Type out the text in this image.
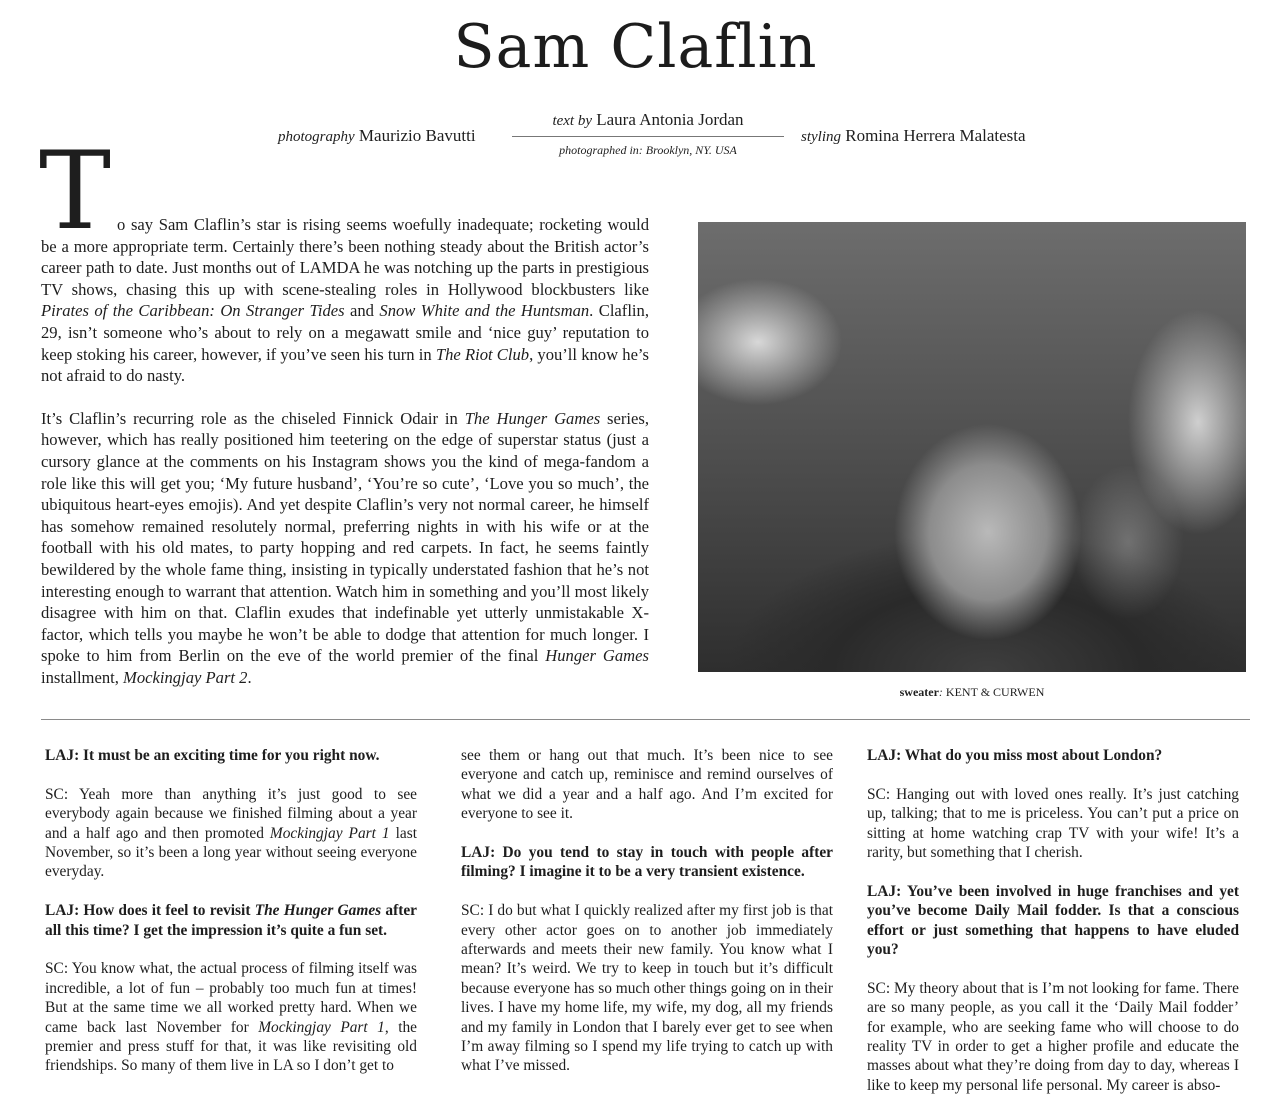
Sam Claflin
photography Maurizio Bavutti
text by Laura Antonia Jordan
photographed in: Brooklyn, NY. USA
styling Romina Herrera Malatesta

To say Sam Claflin’s star is rising seems woefully inadequate; rocketing would be a more appropriate term. Certainly there’s been nothing steady about the British actor’s career path to date. Just months out of LAMDA he was notching up the parts in prestigious TV shows, chasing this up with scene-stealing roles in Hollywood blockbusters like Pirates of the Caribbean: On Stranger Tides and Snow White and the Huntsman. Claflin, 29, isn’t someone who’s about to rely on a megawatt smile and ‘nice guy’ reputation to keep stoking his career, however, if you’ve seen his turn in The Riot Club, you’ll know he’s not afraid to do nasty.

It’s Claflin’s recurring role as the chiseled Finnick Odair in The Hunger Games series, however, which has really positioned him teetering on the edge of superstar status (just a cursory glance at the comments on his Instagram shows you the kind of mega-fandom a role like this will get you; ‘My future husband’, ‘You’re so cute’, ‘Love you so much’, the ubiquitous heart-eyes emojis). And yet despite Claflin’s very not normal career, he himself has somehow remained resolutely normal, preferring nights in with his wife or at the football with his old mates, to party hopping and red carpets. In fact, he seems faintly bewildered by the whole fame thing, insisting in typically understated fashion that he’s not interesting enough to warrant that attention. Watch him in something and you’ll most likely disagree with him on that. Claflin exudes that indefinable yet utterly unmistakable X-factor, which tells you maybe he won’t be able to dodge that attention for much longer. I spoke to him from Berlin on the eve of the world premier of the final Hunger Games installment, Mockingjay Part 2.

sweater: KENT & CURWEN

LAJ: It must be an exciting time for you right now.

SC: Yeah more than anything it’s just good to see everybody again because we finished filming about a year and a half ago and then promoted Mockingjay Part 1 last November, so it’s been a long year without seeing everyone everyday.

LAJ: How does it feel to revisit The Hunger Games after all this time? I get the impression it’s quite a fun set.

SC: You know what, the actual process of filming itself was incredible, a lot of fun – probably too much fun at times! But at the same time we all worked pretty hard. When we came back last November for Mockingjay Part 1, the premier and press stuff for that, it was like revisiting old friendships. So many of them live in LA so I don’t get to

see them or hang out that much. It’s been nice to see everyone and catch up, reminisce and remind ourselves of what we did a year and a half ago. And I’m excited for everyone to see it.

LAJ: Do you tend to stay in touch with people after filming? I imagine it to be a very transient existence.

SC: I do but what I quickly realized after my first job is that every other actor goes on to another job immediately afterwards and meets their new family. You know what I mean? It’s weird. We try to keep in touch but it’s difficult because everyone has so much other things going on in their lives. I have my home life, my wife, my dog, all my friends and my family in London that I barely ever get to see when I’m away filming so I spend my life trying to catch up with what I’ve missed.

LAJ: What do you miss most about London?

SC: Hanging out with loved ones really. It’s just catching up, talking; that to me is priceless. You can’t put a price on sitting at home watching crap TV with your wife! It’s a rarity, but something that I cherish.

LAJ: You’ve been involved in huge franchises and yet you’ve become Daily Mail fodder. Is that a conscious effort or just something that happens to have eluded you?

SC: My theory about that is I’m not looking for fame. There are so many people, as you call it the ‘Daily Mail fodder’ for example, who are seeking fame who will choose to do reality TV in order to get a higher profile and educate the masses about what they’re doing from day to day, whereas I like to keep my personal life personal. My career is abso-
